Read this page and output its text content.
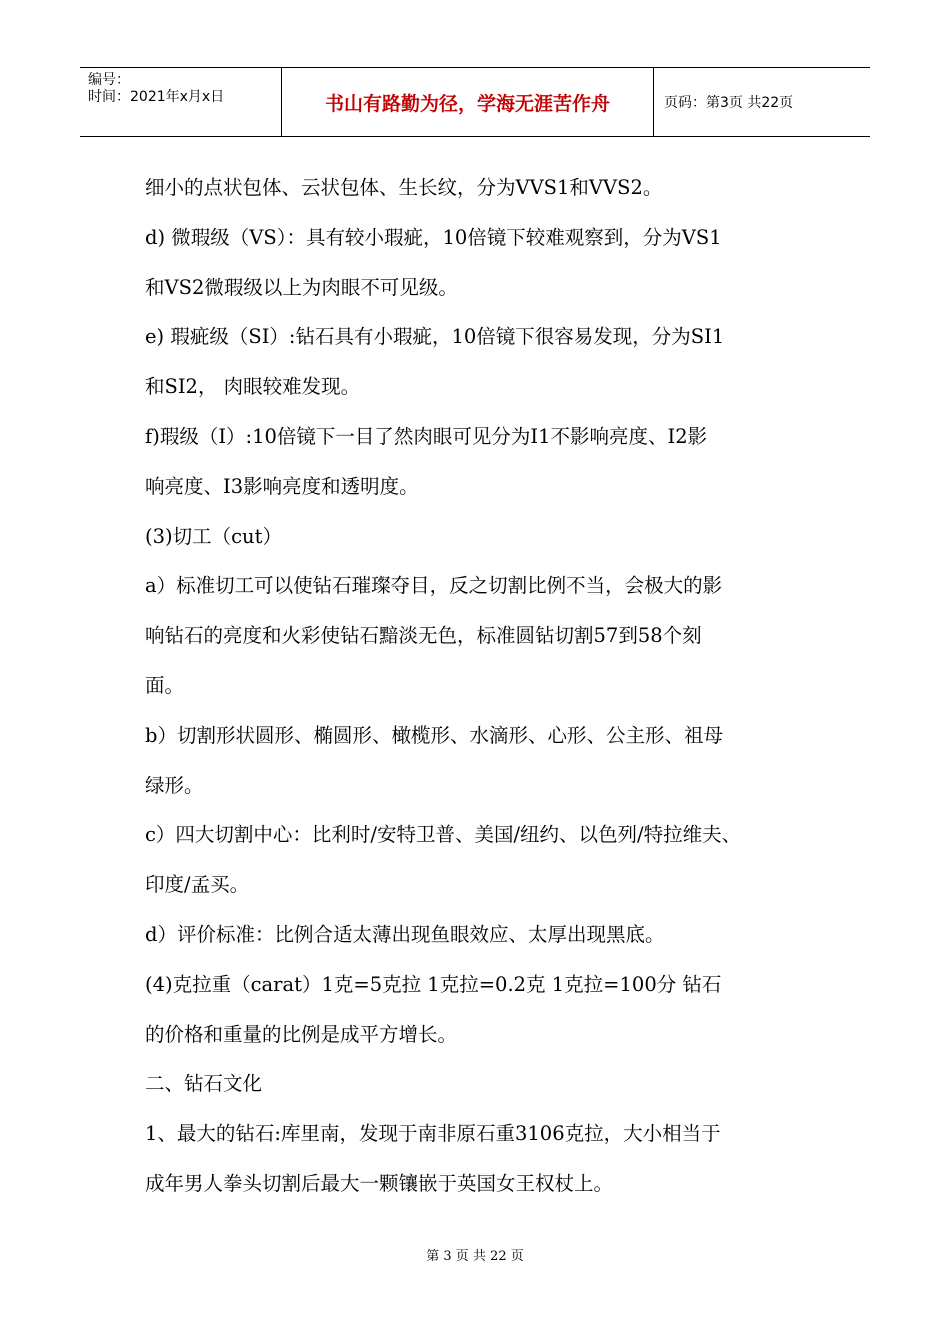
编号：
时间：2021年x月x日	书山有路勤为径，学海无涯苦作舟	页码：第3页 共22页
细小的点状包体、云状包体、生长纹，分为VVS1和VVS2。
d) 微瑕级（VS）：具有较小瑕疵，10倍镜下较难观察到，分为VS1
和VS2微瑕级以上为肉眼不可见级。
e) 瑕疵级（SI）:钻石具有小瑕疵，10倍镜下很容易发现，分为SI1
和SI2， 肉眼较难发现。
f)瑕级（I）:10倍镜下一目了然肉眼可见分为I1不影响亮度、I2影
响亮度、I3影响亮度和透明度。
(3)切工（cut）
a）标准切工可以使钻石璀璨夺目，反之切割比例不当，会极大的影
响钻石的亮度和火彩使钻石黯淡无色，标准圆钻切割57到58个刻
面。
b）切割形状圆形、椭圆形、橄榄形、水滴形、心形、公主形、祖母
绿形。
c）四大切割中心：比利时/安特卫普、美国/纽约、以色列/特拉维夫、
印度/孟买。
d）评价标准：比例合适太薄出现鱼眼效应、太厚出现黑底。
(4)克拉重（carat）1克=5克拉 1克拉=0.2克 1克拉=100分 钻石
的价格和重量的比例是成平方增长。
二、钻石文化
1、最大的钻石:库里南，发现于南非原石重3106克拉，大小相当于
成年男人拳头切割后最大一颗镶嵌于英国女王权杖上。
第 3 页 共 22 页
